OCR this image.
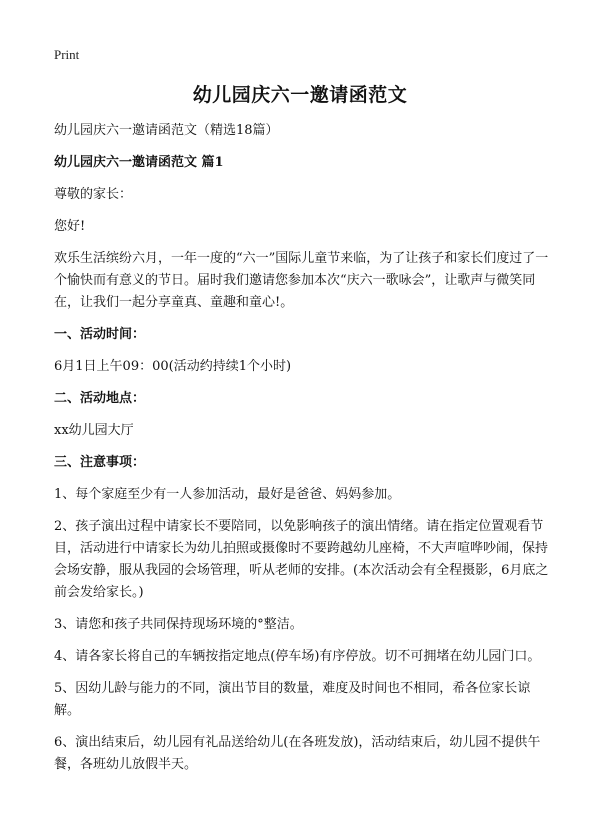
Print
幼儿园庆六一邀请函范文

幼儿园庆六一邀请函范文（精选18篇）

幼儿园庆六一邀请函范文 篇1

尊敬的家长：

您好!

欢乐生活缤纷六月，一年一度的“六一”国际儿童节来临，为了让孩子和家长们度过了一个愉快而有意义的节日。届时我们邀请您参加本次“庆六一歌咏会”，让歌声与微笑同在，让我们一起分享童真、童趣和童心!。

一、活动时间：

6月1日上午09：00(活动约持续1个小时)

二、活动地点：

xx幼儿园大厅

三、注意事项：

1、每个家庭至少有一人参加活动，最好是爸爸、妈妈参加。

2、孩子演出过程中请家长不要陪同，以免影响孩子的演出情绪。请在指定位置观看节目，活动进行中请家长为幼儿拍照或摄像时不要跨越幼儿座椅，不大声喧哗吵闹，保持会场安静，服从我园的会场管理，听从老师的安排。(本次活动会有全程摄影，6月底之前会发给家长。)

3、请您和孩子共同保持现场环境的°整洁。

4、请各家长将自己的车辆按指定地点(停车场)有序停放。切不可拥堵在幼儿园门口。

5、因幼儿龄与能力的不同，演出节目的数量，难度及时间也不相同，希各位家长谅解。

6、演出结束后，幼儿园有礼品送给幼儿(在各班发放)，活动结束后，幼儿园不提供午餐，各班幼儿放假半天。
